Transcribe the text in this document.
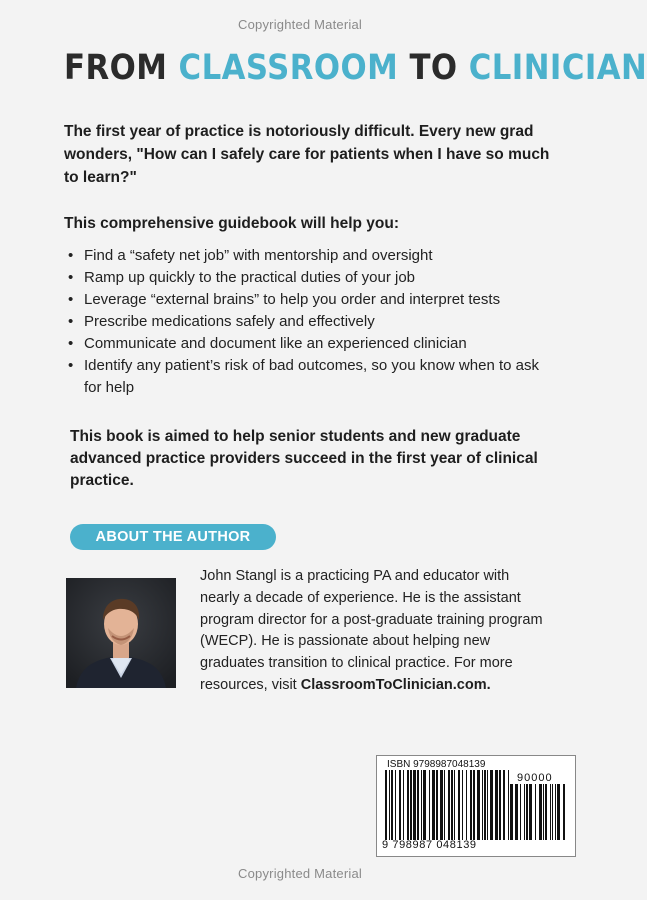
Copyrighted Material
FROM CLASSROOM TO CLINICIAN
The first year of practice is notoriously difficult. Every new grad wonders, "How can I safely care for patients when I have so much to learn?"
This comprehensive guidebook will help you:
• Find a “safety net job” with mentorship and oversight
• Ramp up quickly to the practical duties of your job
• Leverage “external brains” to help you order and interpret tests
• Prescribe medications safely and effectively
• Communicate and document like an experienced clinician
• Identify any patient’s risk of bad outcomes, so you know when to ask for help
This book is aimed to help senior students and new graduate advanced practice providers succeed in the first year of clinical practice.
ABOUT THE AUTHOR
John Stangl is a practicing PA and educator with nearly a decade of experience. He is the assistant program director for a post-graduate training program (WECP). He is passionate about helping new graduates transition to clinical practice. For more resources, visit ClassroomToClinician.com.
ISBN 9798987048139
90000
9 798987 048139
Copyrighted Material
